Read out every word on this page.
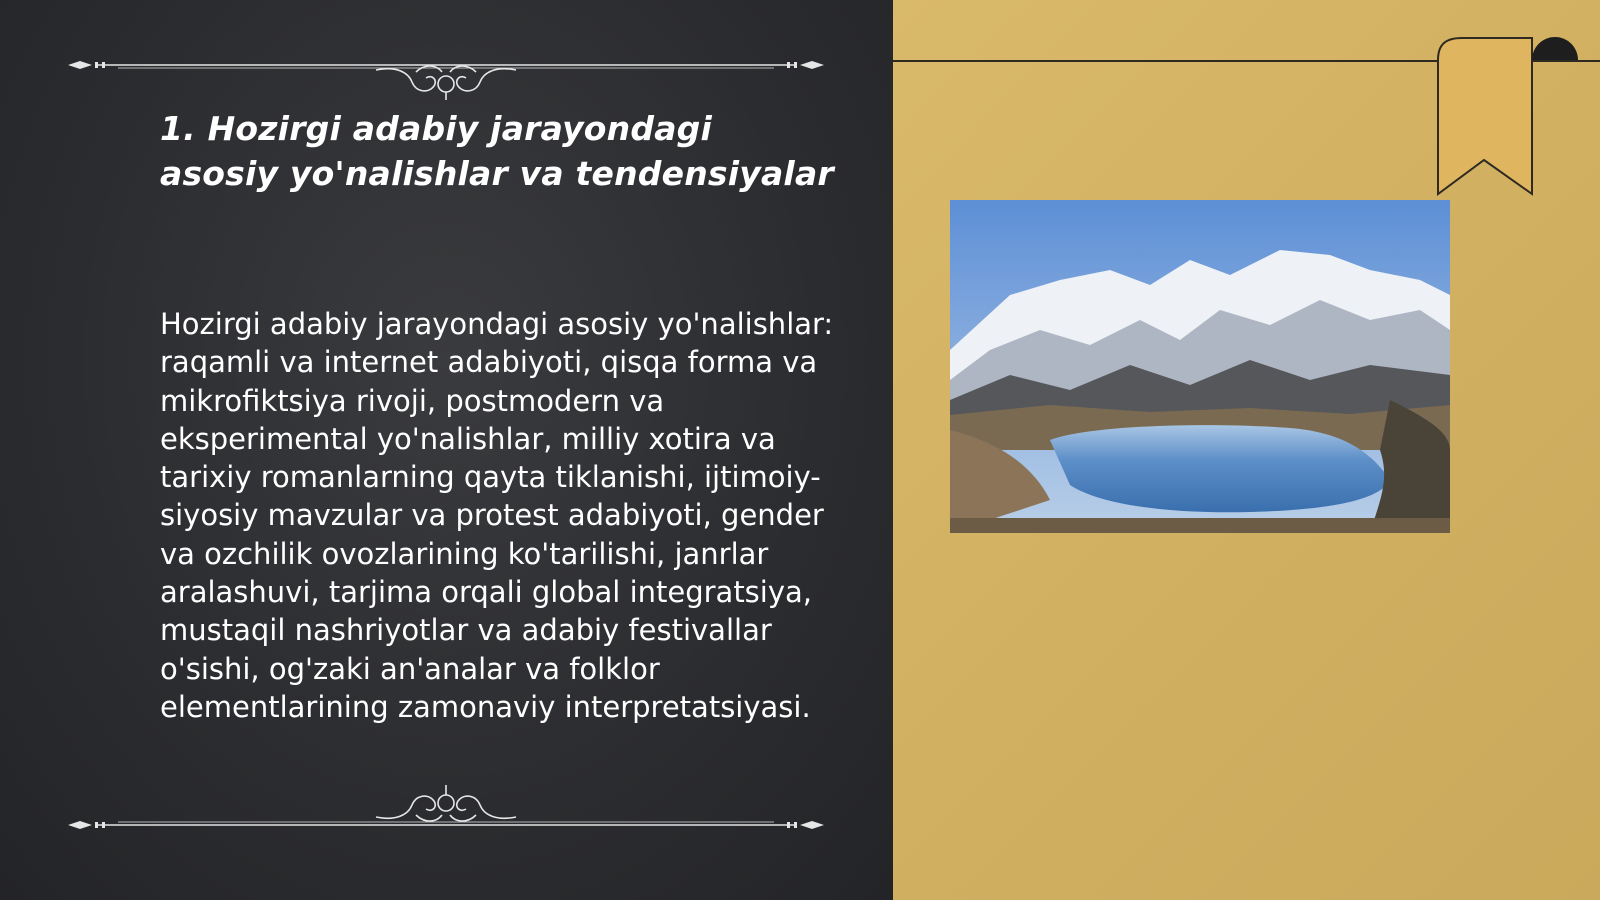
1. Hozirgi adabiy jarayondagi asosiy yo'nalishlar va tendensiyalar

Hozirgi adabiy jarayondagi asosiy yo'nalishlar: raqamli va internet adabiyoti, qisqa forma va mikrofiktsiya rivoji, postmodern va eksperimental yo'nalishlar, milliy xotira va tarixiy romanlarning qayta tiklanishi, ijtimoiy-siyosiy mavzular va protest adabiyoti, gender va ozchilik ovozlarining ko'tarilishi, janrlar aralashuvi, tarjima orqali global integratsiya, mustaqil nashriyotlar va adabiy festivallar o'sishi, og'zaki an'analar va folklor elementlarining zamonaviy interpretatsiyasi.
